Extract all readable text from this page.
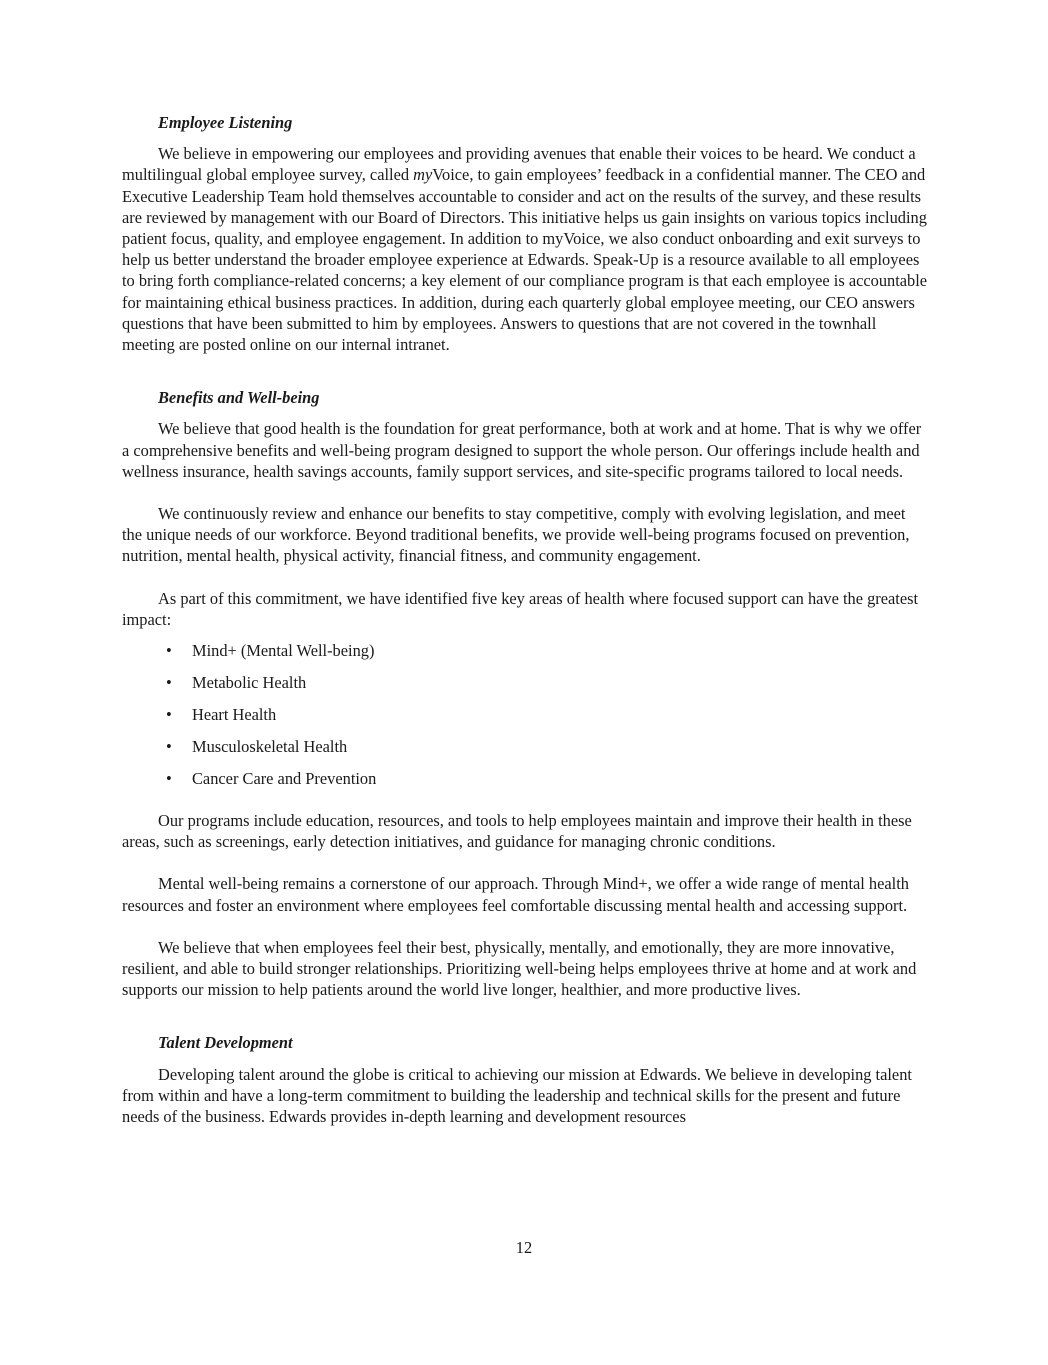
Employee Listening

We believe in empowering our employees and providing avenues that enable their voices to be heard. We conduct a multilingual global employee survey, called myVoice, to gain employees’ feedback in a confidential manner. The CEO and Executive Leadership Team hold themselves accountable to consider and act on the results of the survey, and these results are reviewed by management with our Board of Directors. This initiative helps us gain insights on various topics including patient focus, quality, and employee engagement. In addition to myVoice, we also conduct onboarding and exit surveys to help us better understand the broader employee experience at Edwards. Speak-Up is a resource available to all employees to bring forth compliance-related concerns; a key element of our compliance program is that each employee is accountable for maintaining ethical business practices. In addition, during each quarterly global employee meeting, our CEO answers questions that have been submitted to him by employees. Answers to questions that are not covered in the townhall meeting are posted online on our internal intranet.

Benefits and Well-being

We believe that good health is the foundation for great performance, both at work and at home. That is why we offer a comprehensive benefits and well-being program designed to support the whole person. Our offerings include health and wellness insurance, health savings accounts, family support services, and site-specific programs tailored to local needs.

We continuously review and enhance our benefits to stay competitive, comply with evolving legislation, and meet the unique needs of our workforce. Beyond traditional benefits, we provide well-being programs focused on prevention, nutrition, mental health, physical activity, financial fitness, and community engagement.

As part of this commitment, we have identified five key areas of health where focused support can have the greatest impact:

• Mind+ (Mental Well-being)
• Metabolic Health
• Heart Health
• Musculoskeletal Health
• Cancer Care and Prevention

Our programs include education, resources, and tools to help employees maintain and improve their health in these areas, such as screenings, early detection initiatives, and guidance for managing chronic conditions.

Mental well-being remains a cornerstone of our approach. Through Mind+, we offer a wide range of mental health resources and foster an environment where employees feel comfortable discussing mental health and accessing support.

We believe that when employees feel their best, physically, mentally, and emotionally, they are more innovative, resilient, and able to build stronger relationships. Prioritizing well-being helps employees thrive at home and at work and supports our mission to help patients around the world live longer, healthier, and more productive lives.

Talent Development

Developing talent around the globe is critical to achieving our mission at Edwards. We believe in developing talent from within and have a long-term commitment to building the leadership and technical skills for the present and future needs of the business. Edwards provides in-depth learning and development resources

12
